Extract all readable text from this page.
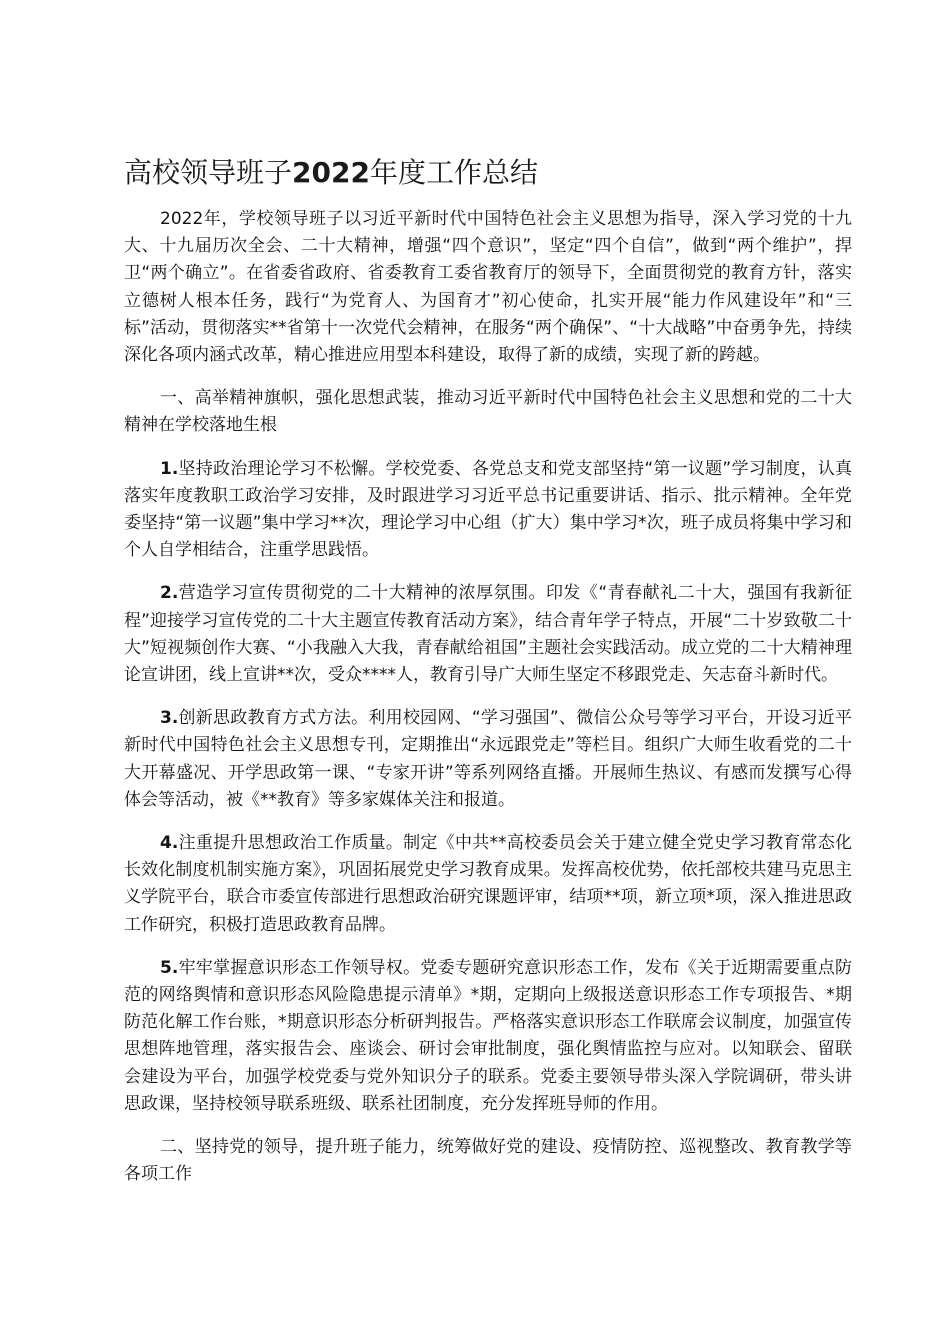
高校领导班子2022年度工作总结

2022年，学校领导班子以习近平新时代中国特色社会主义思想为指导，深入学习党的十九大、十九届历次全会、二十大精神，增强“四个意识”，坚定“四个自信”，做到“两个维护”，捍卫“两个确立”。在省委省政府、省委教育工委省教育厅的领导下，全面贯彻党的教育方针，落实立德树人根本任务，践行“为党育人、为国育才”初心使命，扎实开展“能力作风建设年”和“三标”活动，贯彻落实**省第十一次党代会精神，在服务“两个确保”、“十大战略”中奋勇争先，持续深化各项内涵式改革，精心推进应用型本科建设，取得了新的成绩，实现了新的跨越。

一、高举精神旗帜，强化思想武装，推动习近平新时代中国特色社会主义思想和党的二十大精神在学校落地生根

1.坚持政治理论学习不松懈。学校党委、各党总支和党支部坚持“第一议题”学习制度，认真落实年度教职工政治学习安排，及时跟进学习习近平总书记重要讲话、指示、批示精神。全年党委坚持“第一议题”集中学习**次，理论学习中心组（扩大）集中学习*次，班子成员将集中学习和个人自学相结合，注重学思践悟。

2.营造学习宣传贯彻党的二十大精神的浓厚氛围。印发《“青春献礼二十大，强国有我新征程”迎接学习宣传党的二十大主题宣传教育活动方案》，结合青年学子特点，开展“二十岁致敬二十大”短视频创作大赛、“小我融入大我，青春献给祖国”主题社会实践活动。成立党的二十大精神理论宣讲团，线上宣讲**次，受众****人，教育引导广大师生坚定不移跟党走、矢志奋斗新时代。

3.创新思政教育方式方法。利用校园网、“学习强国”、微信公众号等学习平台，开设习近平新时代中国特色社会主义思想专刊，定期推出“永远跟党走”等栏目。组织广大师生收看党的二十大开幕盛况、开学思政第一课、“专家开讲”等系列网络直播。开展师生热议、有感而发撰写心得体会等活动，被《**教育》等多家媒体关注和报道。

4.注重提升思想政治工作质量。制定《中共**高校委员会关于建立健全党史学习教育常态化长效化制度机制实施方案》，巩固拓展党史学习教育成果。发挥高校优势，依托部校共建马克思主义学院平台，联合市委宣传部进行思想政治研究课题评审，结项**项，新立项*项，深入推进思政工作研究，积极打造思政教育品牌。

5.牢牢掌握意识形态工作领导权。党委专题研究意识形态工作，发布《关于近期需要重点防范的网络舆情和意识形态风险隐患提示清单》*期，定期向上级报送意识形态工作专项报告、*期防范化解工作台账，*期意识形态分析研判报告。严格落实意识形态工作联席会议制度，加强宣传思想阵地管理，落实报告会、座谈会、研讨会审批制度，强化舆情监控与应对。以知联会、留联会建设为平台，加强学校党委与党外知识分子的联系。党委主要领导带头深入学院调研，带头讲思政课，坚持校领导联系班级、联系社团制度，充分发挥班导师的作用。

二、坚持党的领导，提升班子能力，统筹做好党的建设、疫情防控、巡视整改、教育教学等各项工作
